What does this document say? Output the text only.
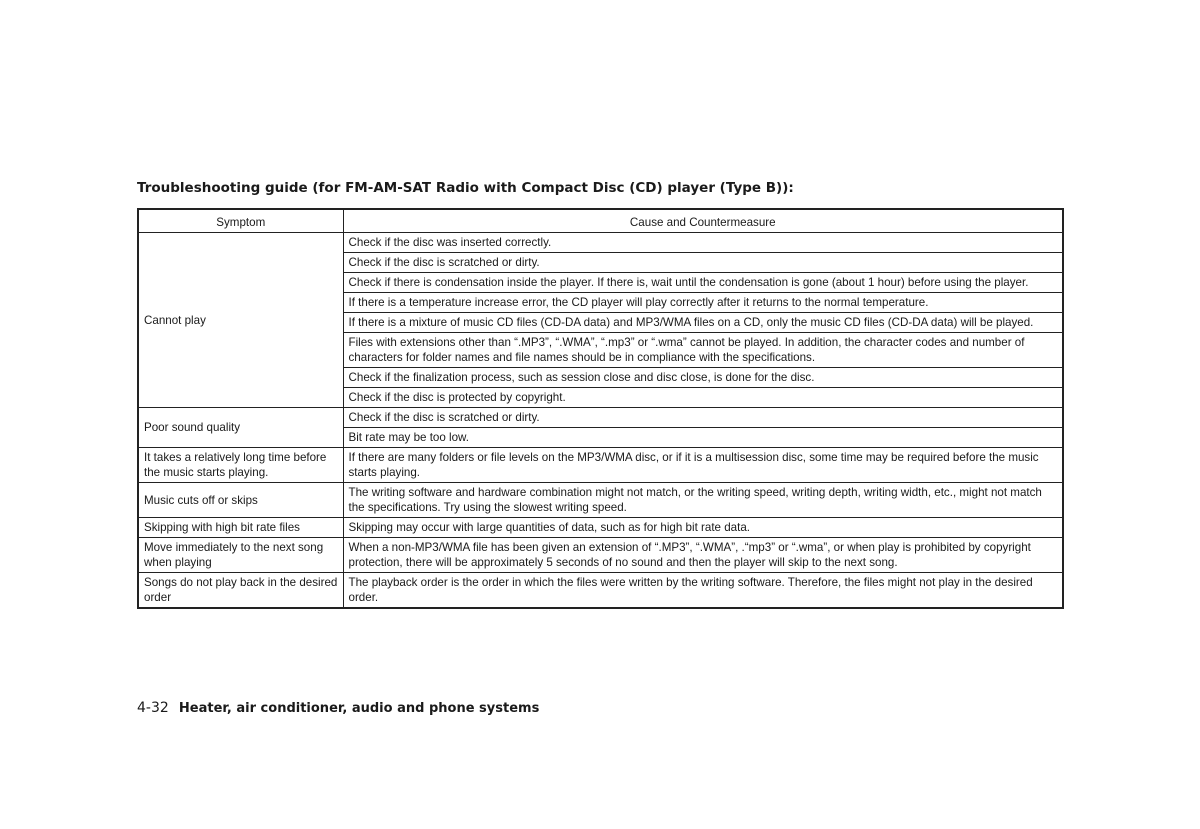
Troubleshooting guide (for FM-AM-SAT Radio with Compact Disc (CD) player (Type B)):
Symptom	Cause and Countermeasure
Cannot play	Check if the disc was inserted correctly.
	Check if the disc is scratched or dirty.
	Check if there is condensation inside the player. If there is, wait until the condensation is gone (about 1 hour) before using the player.
	If there is a temperature increase error, the CD player will play correctly after it returns to the normal temperature.
	If there is a mixture of music CD files (CD-DA data) and MP3/WMA files on a CD, only the music CD files (CD-DA data) will be played.
	Files with extensions other than “.MP3”, “.WMA”, “.mp3” or “.wma” cannot be played. In addition, the character codes and number of characters for folder names and file names should be in compliance with the specifications.
	Check if the finalization process, such as session close and disc close, is done for the disc.
	Check if the disc is protected by copyright.
Poor sound quality	Check if the disc is scratched or dirty.
	Bit rate may be too low.
It takes a relatively long time before the music starts playing.	If there are many folders or file levels on the MP3/WMA disc, or if it is a multisession disc, some time may be required before the music starts playing.
Music cuts off or skips	The writing software and hardware combination might not match, or the writing speed, writing depth, writing width, etc., might not match the specifications. Try using the slowest writing speed.
Skipping with high bit rate files	Skipping may occur with large quantities of data, such as for high bit rate data.
Move immediately to the next song when playing	When a non-MP3/WMA file has been given an extension of “.MP3”, “.WMA”, .“mp3” or “.wma”, or when play is prohibited by copyright protection, there will be approximately 5 seconds of no sound and then the player will skip to the next song.
Songs do not play back in the desired order	The playback order is the order in which the files were written by the writing software. Therefore, the files might not play in the desired order.
4-32 Heater, air conditioner, audio and phone systems
